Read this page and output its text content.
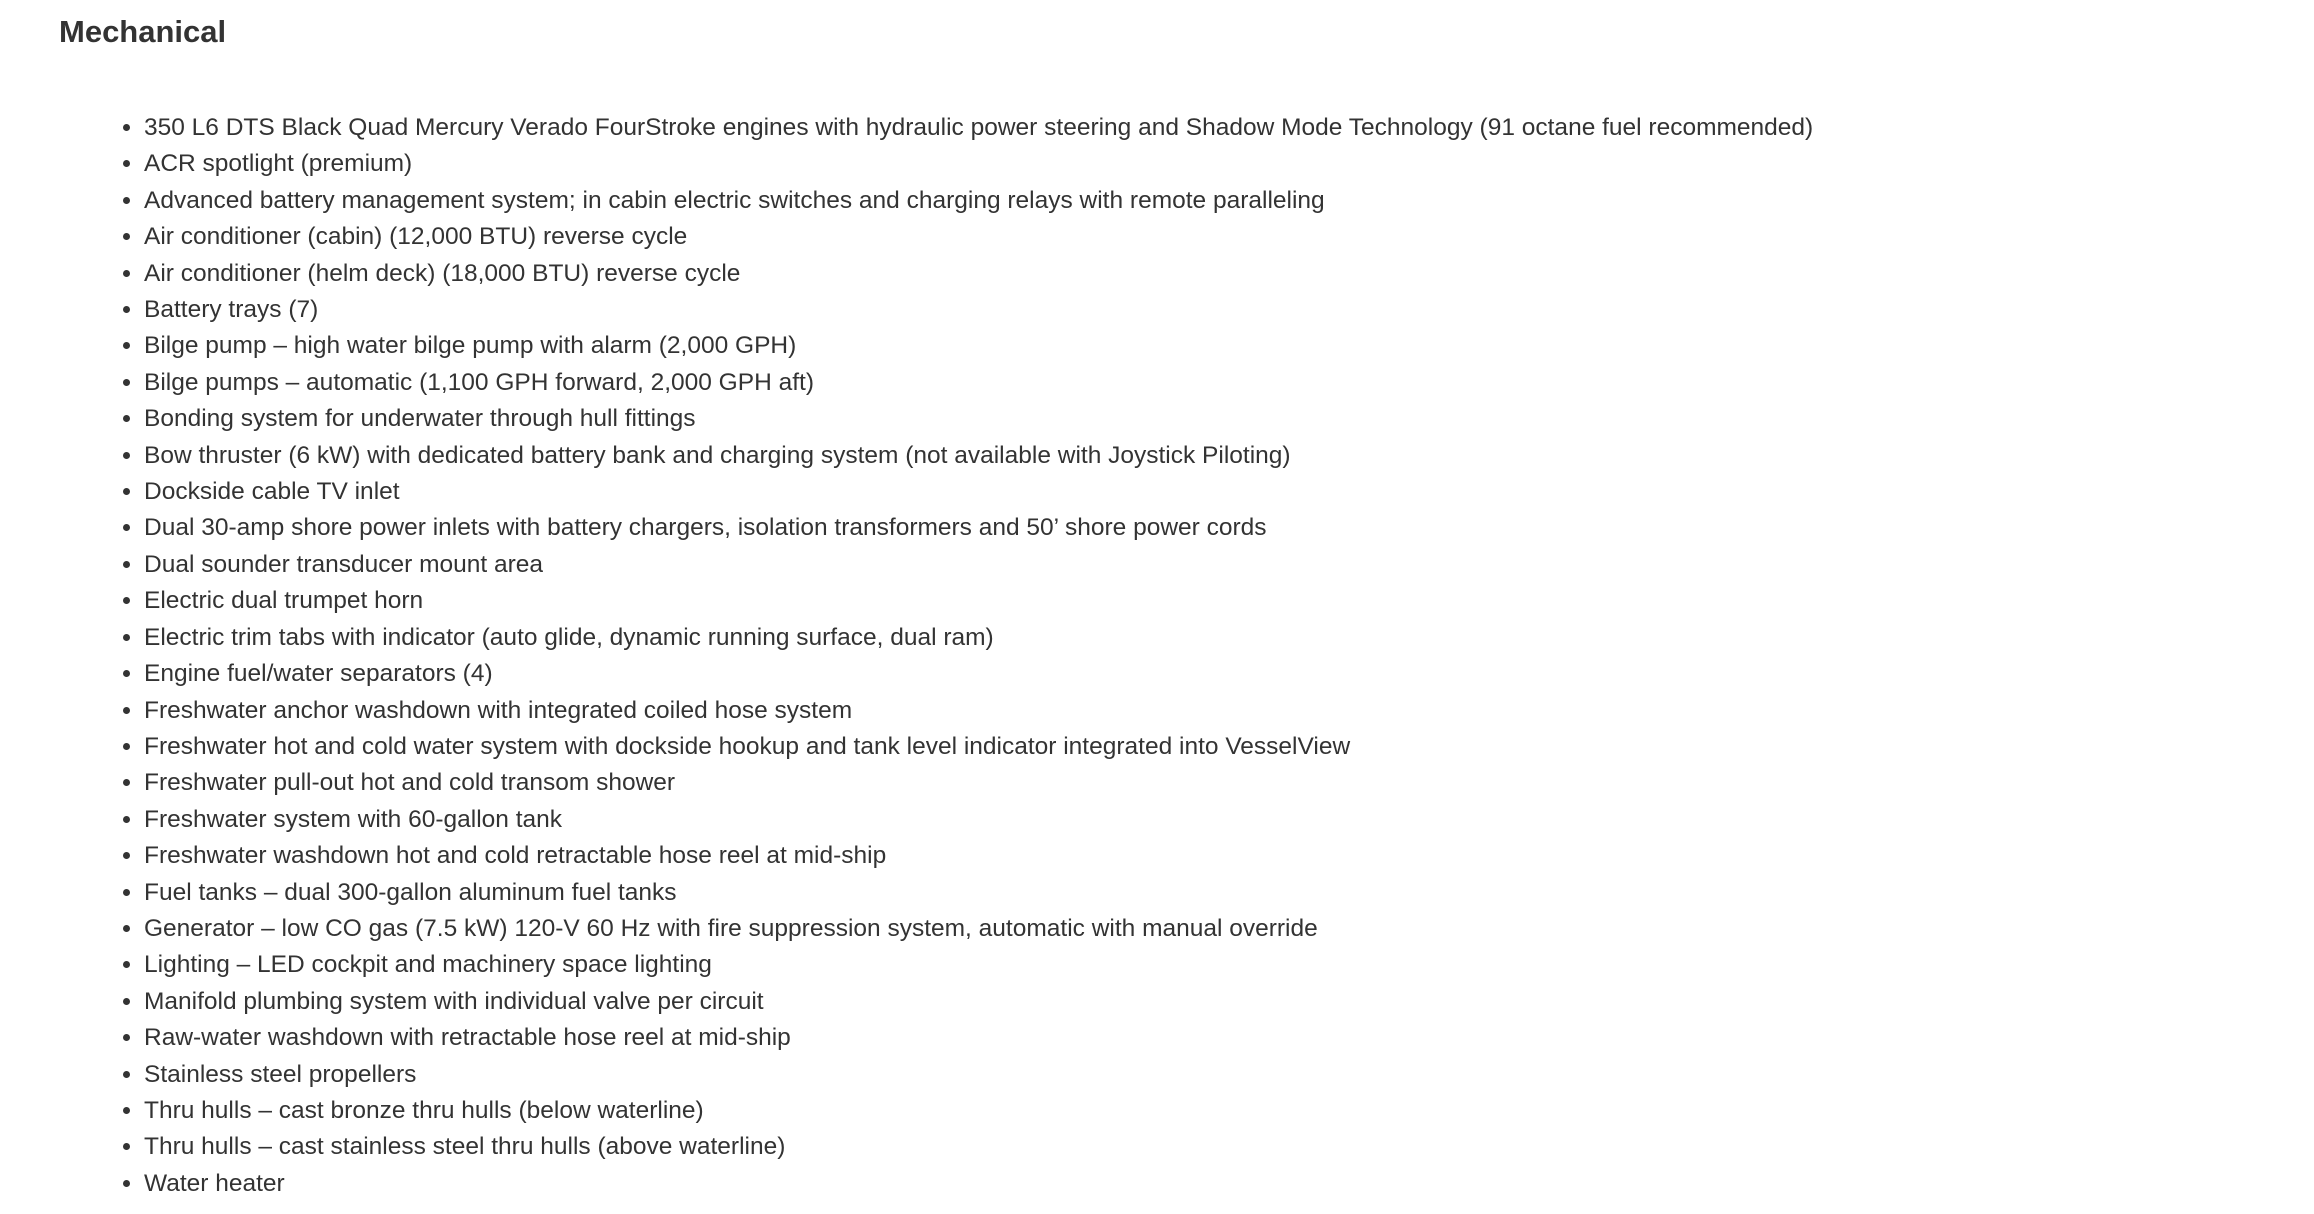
Mechanical
• 350 L6 DTS Black Quad Mercury Verado FourStroke engines with hydraulic power steering and Shadow Mode Technology (91 octane fuel recommended)
• ACR spotlight (premium)
• Advanced battery management system; in cabin electric switches and charging relays with remote paralleling
• Air conditioner (cabin) (12,000 BTU) reverse cycle
• Air conditioner (helm deck) (18,000 BTU) reverse cycle
• Battery trays (7)
• Bilge pump – high water bilge pump with alarm (2,000 GPH)
• Bilge pumps – automatic (1,100 GPH forward, 2,000 GPH aft)
• Bonding system for underwater through hull fittings
• Bow thruster (6 kW) with dedicated battery bank and charging system (not available with Joystick Piloting)
• Dockside cable TV inlet
• Dual 30-amp shore power inlets with battery chargers, isolation transformers and 50’ shore power cords
• Dual sounder transducer mount area
• Electric dual trumpet horn
• Electric trim tabs with indicator (auto glide, dynamic running surface, dual ram)
• Engine fuel/water separators (4)
• Freshwater anchor washdown with integrated coiled hose system
• Freshwater hot and cold water system with dockside hookup and tank level indicator integrated into VesselView
• Freshwater pull-out hot and cold transom shower
• Freshwater system with 60-gallon tank
• Freshwater washdown hot and cold retractable hose reel at mid-ship
• Fuel tanks – dual 300-gallon aluminum fuel tanks
• Generator – low CO gas (7.5 kW) 120-V 60 Hz with fire suppression system, automatic with manual override
• Lighting – LED cockpit and machinery space lighting
• Manifold plumbing system with individual valve per circuit
• Raw-water washdown with retractable hose reel at mid-ship
• Stainless steel propellers
• Thru hulls – cast bronze thru hulls (below waterline)
• Thru hulls – cast stainless steel thru hulls (above waterline)
• Water heater
